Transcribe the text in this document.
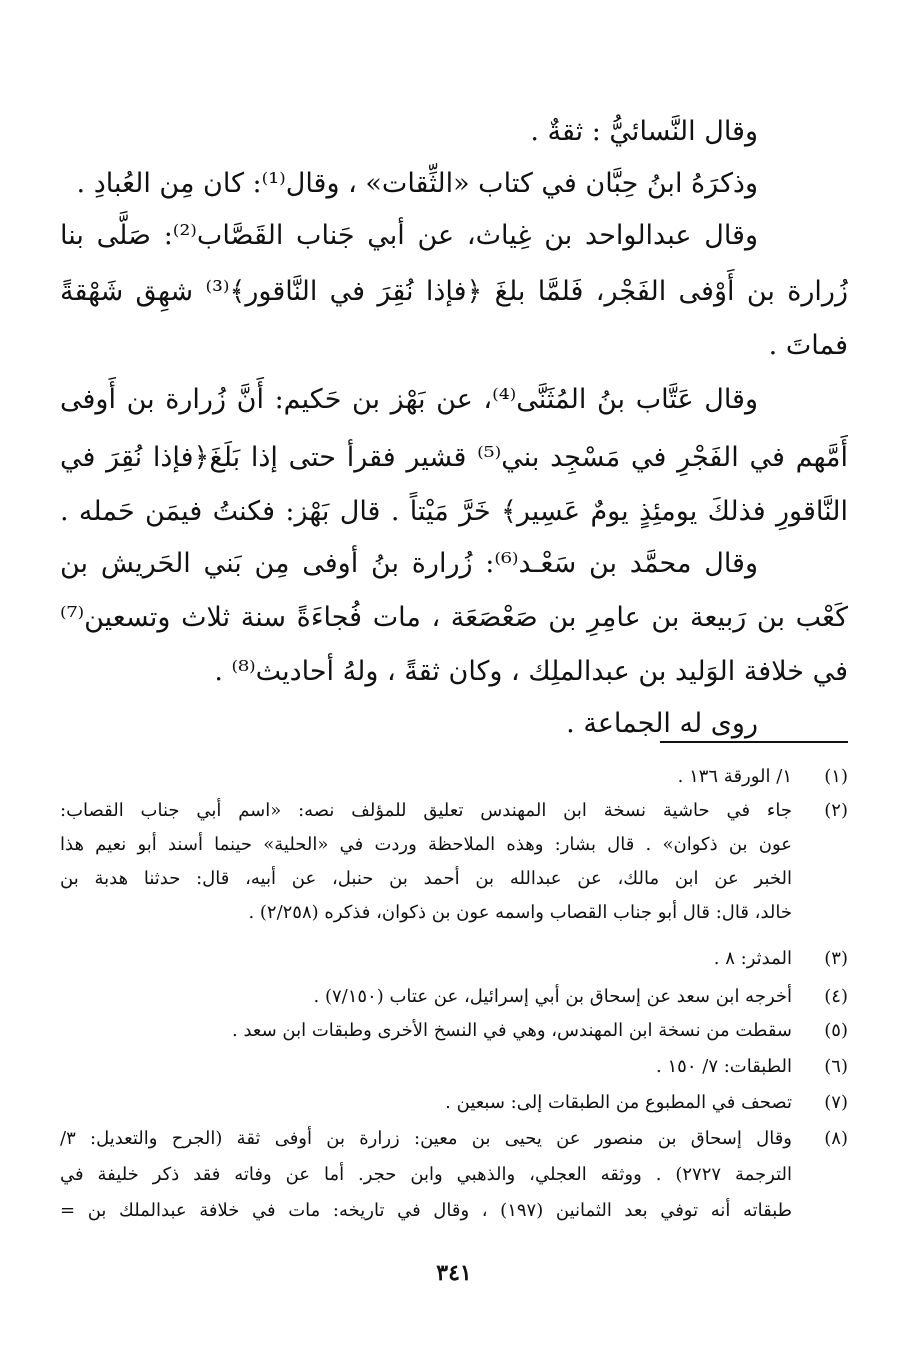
وقال النَّسائيُّ : ثقةٌ .
وذكرَهُ ابنُ حِبَّان في كتاب «الثِّقات» ، وقال⁽¹⁾: كان مِن العُبادِ .
وقال عبدالواحد بن غِياث، عن أبي جَناب القَصَّاب⁽²⁾: صَلَّى بنا
زُرارة بن أَوْفى الفَجْر، فَلمَّا بلغَ ﴿فإذا نُقِرَ في النَّاقور﴾⁽³⁾ شهِق شَهْقةً
فماتَ .
وقال عَتَّاب بنُ المُثَنَّى⁽⁴⁾، عن بَهْز بن حَكيم: أَنَّ زُرارة بن أَوفى
أَمَّهم في الفَجْرِ في مَسْجِد بني⁽⁵⁾ قشير فقرأ حتى إذا بَلَغَ﴿فإذا نُقِرَ في
النَّاقورِ فذلكَ يومئِذٍ يومٌ عَسِير﴾ خَرَّ مَيْتاً . قال بَهْز: فكنتُ فيمَن حَمله .
وقال محمَّد بن سَعْـد⁽⁶⁾: زُرارة بنُ أوفى مِن بَني الحَريش بن
كَعْب بن رَبيعة بن عامِرِ بن صَعْصَعَة ، مات فُجاءَةً سنة ثلاث وتسعين⁽⁷⁾
في خلافة الوَليد بن عبدالملِك ، وكان ثقةً ، ولهُ أحاديث⁽⁸⁾ .
روى له الجماعة .
(١)١/ الورقة ١٣٦ .
(٢)جاء في حاشية نسخة ابن المهندس تعليق للمؤلف نصه: «اسم أبي جناب القصاب:
عون بن ذكوان» . قال بشار: وهذه الملاحظة وردت في «الحلية» حينما أسند أبو نعيم هذا
الخبر عن ابن مالك، عن عبدالله بن أحمد بن حنبل، عن أبيه، قال: حدثنا هدبة بن
خالد، قال: قال أبو جناب القصاب واسمه عون بن ذكوان، فذكره (٢/٢٥٨) .
(٣)المدثر: ٨ .
(٤)أخرجه ابن سعد عن إسحاق بن أبي إسرائيل، عن عتاب (٧/١٥٠) .
(٥)سقطت من نسخة ابن المهندس، وهي في النسخ الأخرى وطبقات ابن سعد .
(٦)الطبقات: ٧/ ١٥٠ .
(٧)تصحف في المطبوع من الطبقات إلى: سبعين .
(٨)وقال إسحاق بن منصور عن يحيى بن معين: زرارة بن أوفى ثقة (الجرح والتعديل: ٣/
الترجمة ٢٧٢٧) . ووثقه العجلي، والذهبي وابن حجر. أما عن وفاته فقد ذكر خليفة في
طبقاته أنه توفي بعد الثمانين (١٩٧) ، وقال في تاريخه: مات في خلافة عبدالملك بن =
٣٤١
